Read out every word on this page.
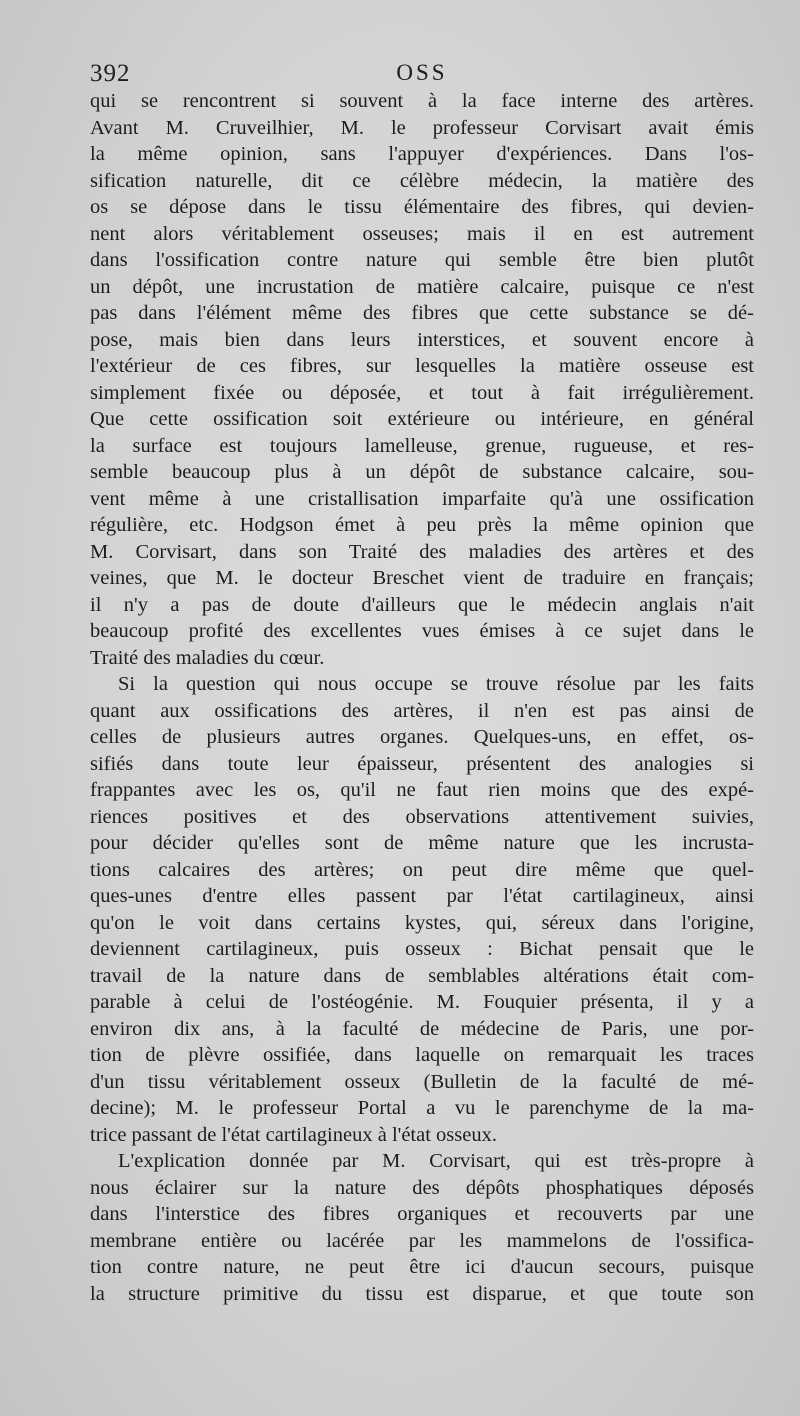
392	OSS
qui se rencontrent si souvent à la face interne des artères.
Avant M. Cruveilhier, M. le professeur Corvisart avait émis
la même opinion, sans l'appuyer d'expériences. Dans l'os-
sification naturelle, dit ce célèbre médecin, la matière des
os se dépose dans le tissu élémentaire des fibres, qui devien-
nent alors véritablement osseuses; mais il en est autrement
dans l'ossification contre nature qui semble être bien plutôt
un dépôt, une incrustation de matière calcaire, puisque ce n'est
pas dans l'élément même des fibres que cette substance se dé-
pose, mais bien dans leurs interstices, et souvent encore à
l'extérieur de ces fibres, sur lesquelles la matière osseuse est
simplement fixée ou déposée, et tout à fait irrégulièrement.
Que cette ossification soit extérieure ou intérieure, en général
la surface est toujours lamelleuse, grenue, rugueuse, et res-
semble beaucoup plus à un dépôt de substance calcaire, sou-
vent même à une cristallisation imparfaite qu'à une ossification
régulière, etc. Hodgson émet à peu près la même opinion que
M. Corvisart, dans son Traité des maladies des artères et des
veines, que M. le docteur Breschet vient de traduire en français;
il n'y a pas de doute d'ailleurs que le médecin anglais n'ait
beaucoup profité des excellentes vues émises à ce sujet dans le
Traité des maladies du cœur.
Si la question qui nous occupe se trouve résolue par les faits
quant aux ossifications des artères, il n'en est pas ainsi de
celles de plusieurs autres organes. Quelques-uns, en effet, os-
sifiés dans toute leur épaisseur, présentent des analogies si
frappantes avec les os, qu'il ne faut rien moins que des expé-
riences positives et des observations attentivement suivies,
pour décider qu'elles sont de même nature que les incrusta-
tions calcaires des artères; on peut dire même que quel-
ques-unes d'entre elles passent par l'état cartilagineux, ainsi
qu'on le voit dans certains kystes, qui, séreux dans l'origine,
deviennent cartilagineux, puis osseux : Bichat pensait que le
travail de la nature dans de semblables altérations était com-
parable à celui de l'ostéogénie. M. Fouquier présenta, il y a
environ dix ans, à la faculté de médecine de Paris, une por-
tion de plèvre ossifiée, dans laquelle on remarquait les traces
d'un tissu véritablement osseux (Bulletin de la faculté de mé-
decine); M. le professeur Portal a vu le parenchyme de la ma-
trice passant de l'état cartilagineux à l'état osseux.
L'explication donnée par M. Corvisart, qui est très-propre à
nous éclairer sur la nature des dépôts phosphatiques déposés
dans l'interstice des fibres organiques et recouverts par une
membrane entière ou lacérée par les mammelons de l'ossifica-
tion contre nature, ne peut être ici d'aucun secours, puisque
la structure primitive du tissu est disparue, et que toute son
